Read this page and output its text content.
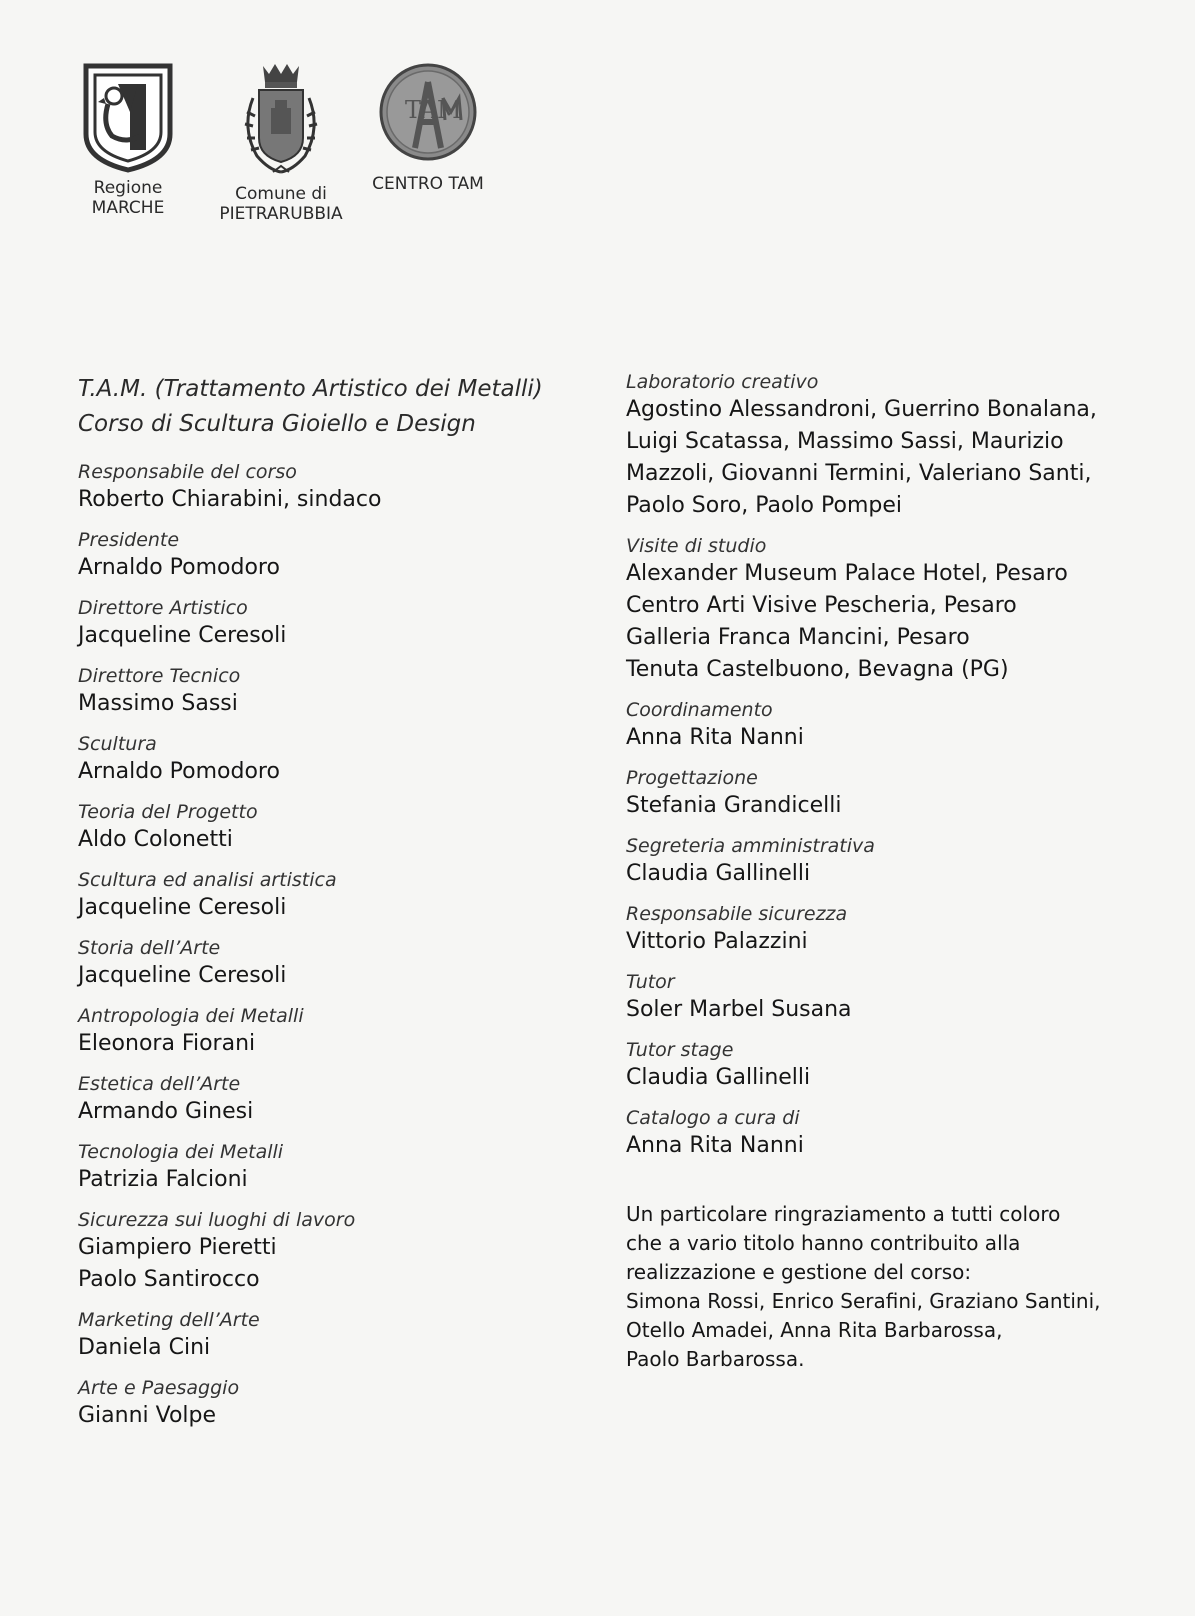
Regione
MARCHE
Comune di
PIETRARUBBIA
TAM
CENTRO TAM
T.A.M. (Trattamento Artistico dei Metalli)
Corso di Scultura Gioiello e Design
Responsabile del corso
Roberto Chiarabini, sindaco
Presidente
Arnaldo Pomodoro
Direttore Artistico
Jacqueline Ceresoli
Direttore Tecnico
Massimo Sassi
Scultura
Arnaldo Pomodoro
Teoria del Progetto
Aldo Colonetti
Scultura ed analisi artistica
Jacqueline Ceresoli
Storia dell’Arte
Jacqueline Ceresoli
Antropologia dei Metalli
Eleonora Fiorani
Estetica dell’Arte
Armando Ginesi
Tecnologia dei Metalli
Patrizia Falcioni
Sicurezza sui luoghi di lavoro
Giampiero Pieretti
Paolo Santirocco
Marketing dell’Arte
Daniela Cini
Arte e Paesaggio
Gianni Volpe
Laboratorio creativo
Agostino Alessandroni, Guerrino Bonalana,
Luigi Scatassa, Massimo Sassi, Maurizio
Mazzoli, Giovanni Termini, Valeriano Santi,
Paolo Soro, Paolo Pompei
Visite di studio
Alexander Museum Palace Hotel, Pesaro
Centro Arti Visive Pescheria, Pesaro
Galleria Franca Mancini, Pesaro
Tenuta Castelbuono, Bevagna (PG)
Coordinamento
Anna Rita Nanni
Progettazione
Stefania Grandicelli
Segreteria amministrativa
Claudia Gallinelli
Responsabile sicurezza
Vittorio Palazzini
Tutor
Soler Marbel Susana
Tutor stage
Claudia Gallinelli
Catalogo a cura di
Anna Rita Nanni
Un particolare ringraziamento a tutti coloro
che a vario titolo hanno contribuito alla
realizzazione e gestione del corso:
Simona Rossi, Enrico Serafini, Graziano Santini,
Otello Amadei, Anna Rita Barbarossa,
Paolo Barbarossa.
